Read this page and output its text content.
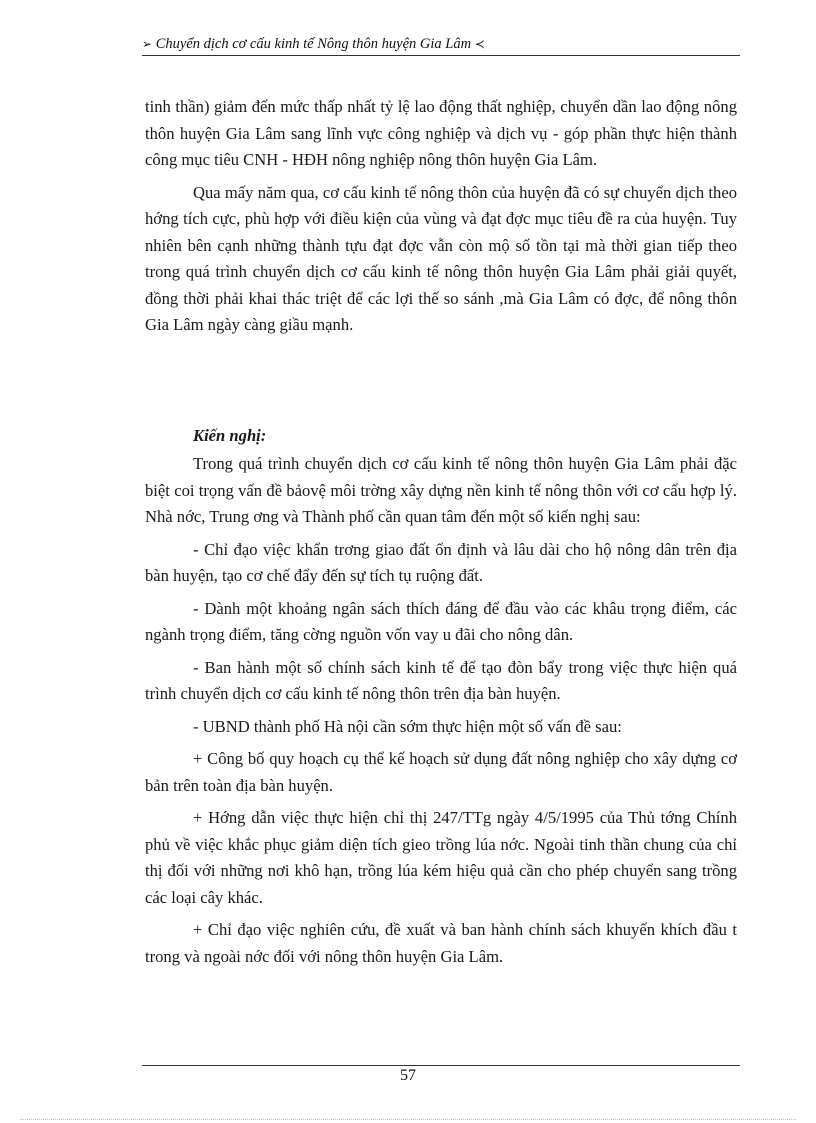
➢ Chuyển dịch cơ cấu kinh tế Nông thôn huyện Gia Lâm ≺

tinh thần) giảm đến mức thấp nhất tỷ lệ lao động thất nghiệp, chuyển dần lao động nông thôn huyện Gia Lâm sang lĩnh vực công nghiệp và dịch vụ - góp phần thực hiện thành công mục tiêu CNH - HĐH nông nghiệp nông thôn huyện Gia Lâm.

Qua mấy năm qua, cơ cấu kinh tế nông thôn của huyện đã có sự chuyển dịch theo hớng tích cực, phù hợp với điều kiện của vùng và đạt đợc mục tiêu đề ra của huyện. Tuy nhiên bên cạnh những thành tựu đạt đợc vẫn còn mộ số tồn tại mà thời gian tiếp theo trong quá trình chuyển dịch cơ cấu kinh tế nông thôn huyện Gia Lâm phải giải quyết, đồng thời phải khai thác triệt để các lợi thế so sánh ,mà Gia Lâm có đợc, để nông thôn Gia Lâm ngày càng giầu mạnh.

Kiến nghị:

Trong quá trình chuyển dịch cơ cấu kinh tế nông thôn huyện Gia Lâm phải đặc biệt coi trọng vấn đề bảovệ môi trờng xây dựng nền kinh tế nông thôn với cơ cấu hợp lý. Nhà nớc, Trung ơng và Thành phố cần quan tâm đến một số kiến nghị sau:

- Chỉ đạo việc khẩn trơng giao đất ổn định và lâu dài cho hộ nông dân trên địa bàn huyện, tạo cơ chế đẩy đến sự tích tụ ruộng đất.

- Dành một khoảng ngân sách thích đáng để đầu vào các khâu trọng điểm, các ngành trọng điểm, tăng cờng nguồn vốn vay u đãi cho nông dân.

- Ban hành một số chính sách kinh tế để tạo đòn bẩy trong việc thực hiện quá trình chuyển dịch cơ cấu kinh tế nông thôn trên địa bàn huyện.

- UBND thành phố Hà nội cần sớm thực hiện một số vấn đề sau:

+ Công bố quy hoạch cụ thể kế hoạch sử dụng đất nông nghiệp cho xây dựng cơ bản trên toàn địa bàn huyện.

+ Hớng dẫn việc thực hiện chỉ thị 247/TTg ngày 4/5/1995 của Thủ tớng Chính phủ về việc khắc phục giảm diện tích gieo trồng lúa nớc. Ngoài tinh thần chung của chỉ thị đối với những nơi khô hạn, trồng lúa kém hiệu quả cần cho phép chuyển sang trồng các loại cây khác.

+ Chỉ đạo việc nghiên cứu, đề xuất và ban hành chính sách khuyến khích đầu t trong và ngoài nớc đối với nông thôn huyện Gia Lâm.

57
